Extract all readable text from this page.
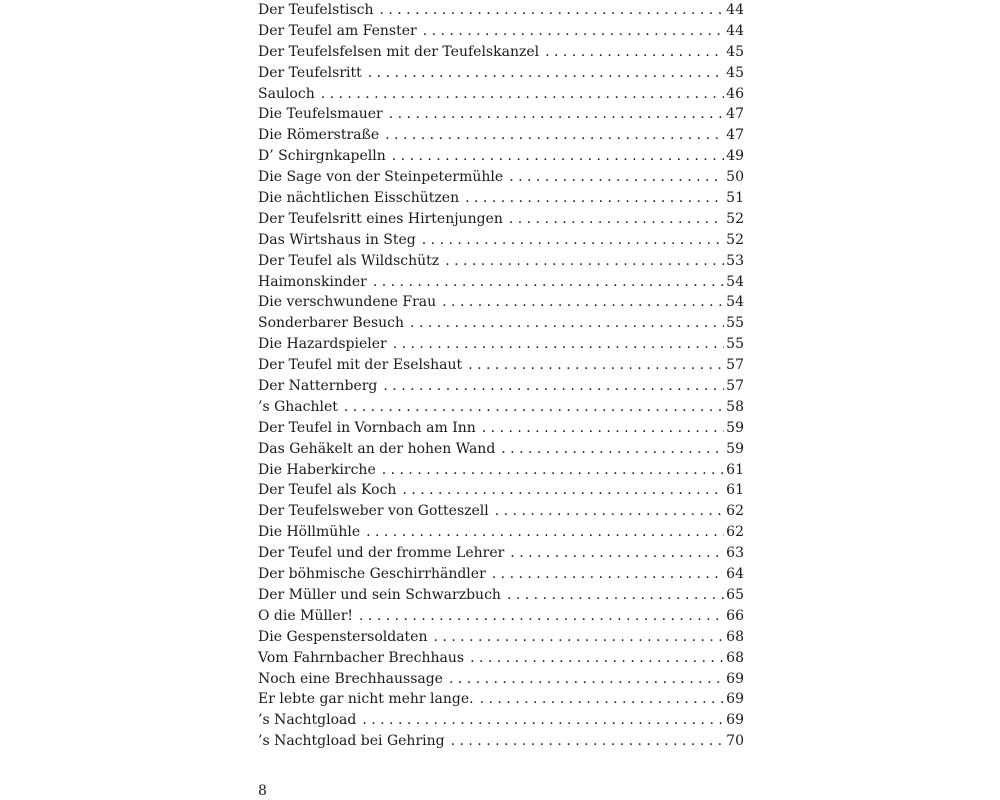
Der Teufelstisch . . .	44
Der Teufel am Fenster . . .	44
Der Teufelsfelsen mit der Teufelskanzel . . .	45
Der Teufelsritt . . .	45
Sauloch . . .	46
Die Teufelsmauer . . .	47
Die Römerstraße . . .	47
D’ Schirgnkapelln . . .	49
Die Sage von der Steinpetermühle . . .	50
Die nächtlichen Eisschützen . . .	51
Der Teufelsritt eines Hirtenjungen . . .	52
Das Wirtshaus in Steg . . .	52
Der Teufel als Wildschütz . . .	53
Haimonskinder . . .	54
Die verschwundene Frau . . .	54
Sonderbarer Besuch . . .	55
Die Hazardspieler . . .	55
Der Teufel mit der Eselshaut . . .	57
Der Natternberg . . .	57
’s Ghachlet . . .	58
Der Teufel in Vornbach am Inn . . .	59
Das Gehäkelt an der hohen Wand . . .	59
Die Haberkirche . . .	61
Der Teufel als Koch . . .	61
Der Teufelsweber von Gotteszell . . .	62
Die Höllmühle . . .	62
Der Teufel und der fromme Lehrer . . .	63
Der böhmische Geschirrhändler . . .	64
Der Müller und sein Schwarzbuch . . .	65
O die Müller! . . .	66
Die Gespenstersoldaten . . .	68
Vom Fahrnbacher Brechhaus . . .	68
Noch eine Brechhaussage . . .	69
Er lebte gar nicht mehr lange. . . .	69
’s Nachtgload . . .	69
’s Nachtgload bei Gehring . . .	70
8
